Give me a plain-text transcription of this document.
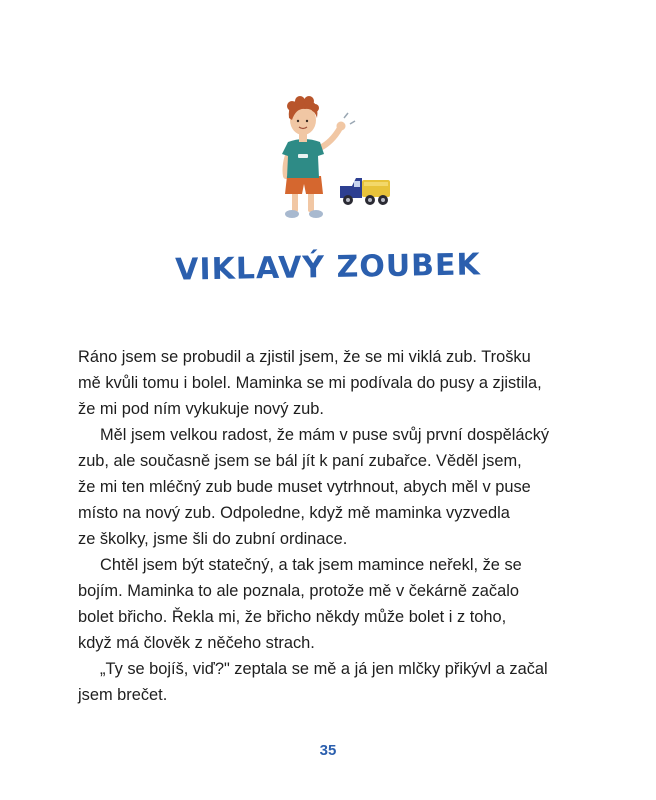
VIKLAVÝ ZOUBEK
Ráno jsem se probudil a zjistil jsem, že se mi viklá zub. Trošku
mě kvůli tomu i bolel. Maminka se mi podívala do pusy a zjistila,
že mi pod ním vykukuje nový zub.
Měl jsem velkou radost, že mám v puse svůj první dospělácký
zub, ale současně jsem se bál jít k paní zubařce. Věděl jsem,
že mi ten mléčný zub bude muset vytrhnout, abych měl v puse
místo na nový zub. Odpoledne, když mě maminka vyzvedla
ze školky, jsme šli do zubní ordinace.
Chtěl jsem být statečný, a tak jsem mamince neřekl, že se
bojím. Maminka to ale poznala, protože mě v čekárně začalo
bolet břicho. Řekla mi, že břicho někdy může bolet i z toho,
když má člověk z něčeho strach.
„Ty se bojíš, viď?" zeptala se mě a já jen mlčky přikývl a začal
jsem brečet.
35
